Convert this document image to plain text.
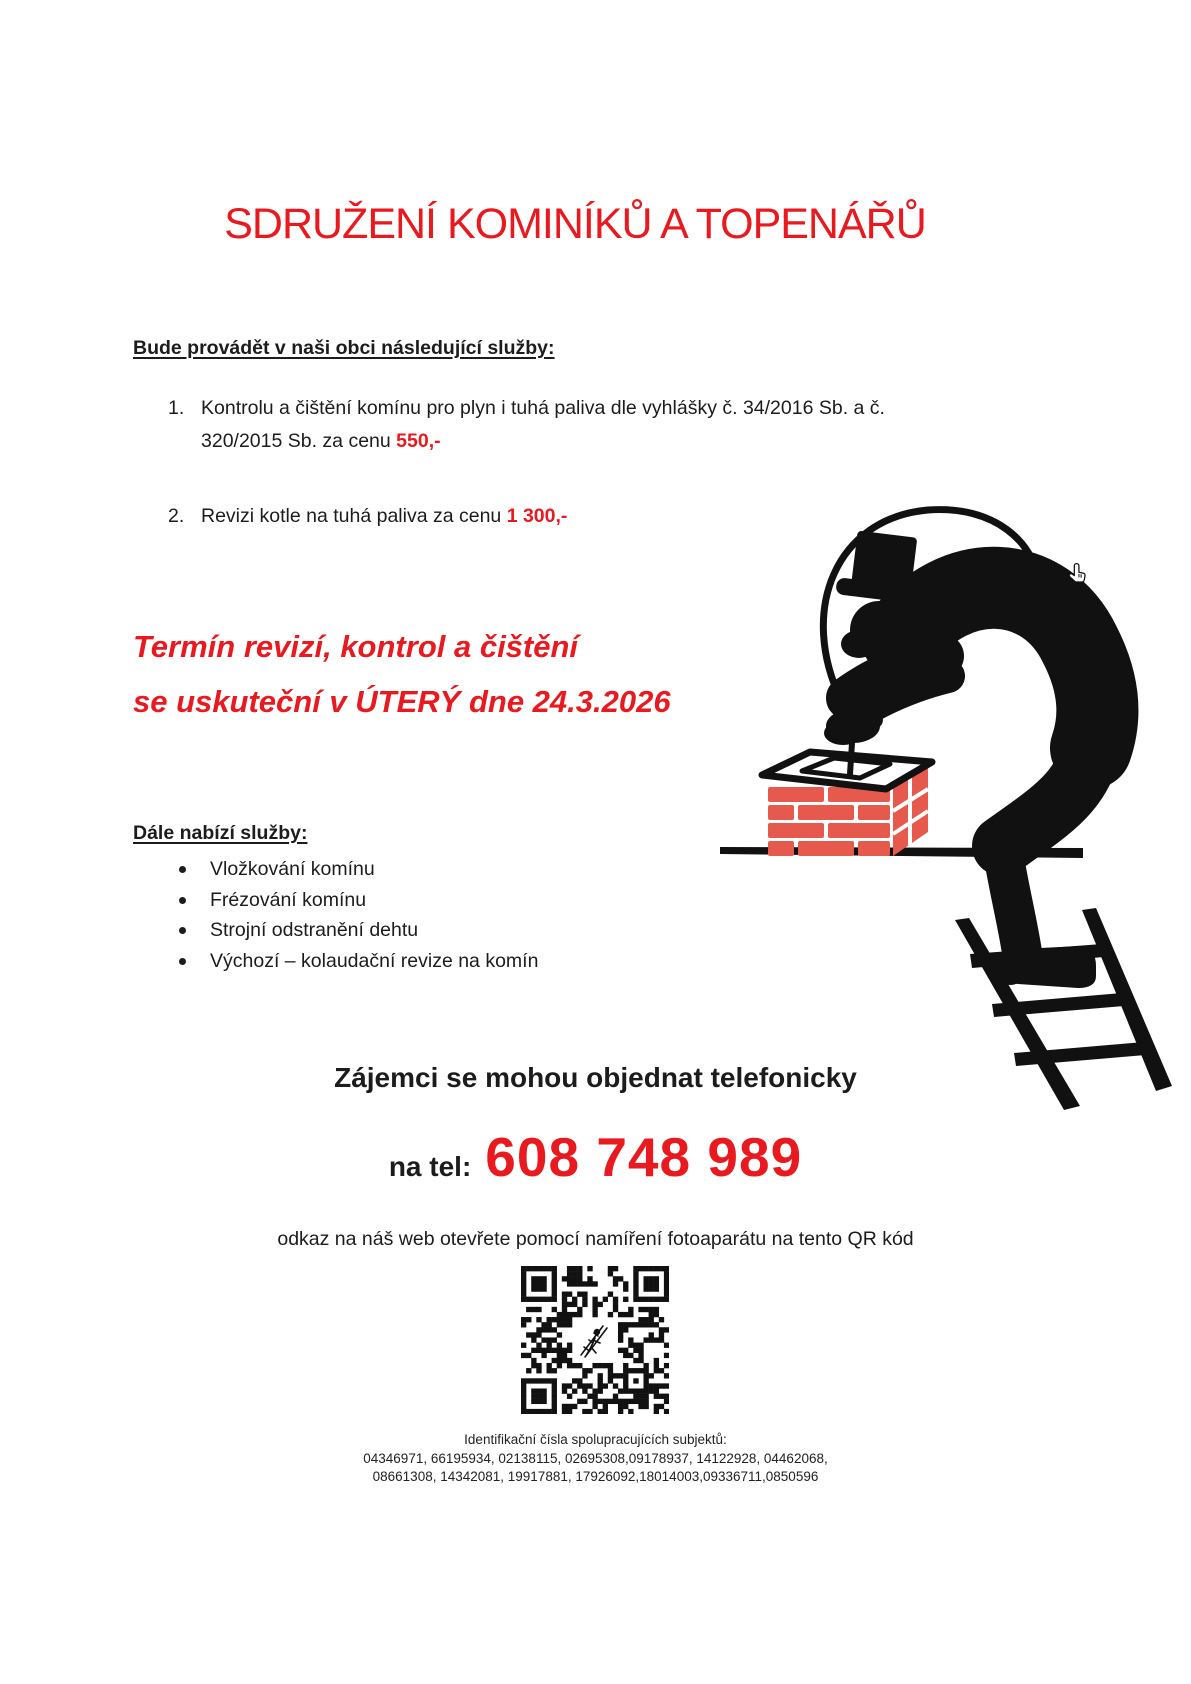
SDRUŽENÍ KOMINÍKŮ A TOPENÁŘŮ
Bude provádět v naši obci následující služby:
1. Kontrolu a čištění komínu pro plyn i tuhá paliva dle vyhlášky č. 34/2016 Sb. a č. 320/2015 Sb. za cenu 550,-
2. Revizi kotle na tuhá paliva za cenu 1 300,-
Termín revizí, kontrol a čištění
se uskuteční v ÚTERÝ dne 24.3.2026
Dále nabízí služby:
Vložkování komínu
Frézování komínu
Strojní odstranění dehtu
Výchozí – kolaudační revize na komín
Zájemci se mohou objednat telefonicky
na tel: 608 748 989
odkaz na náš web otevřete pomocí namíření fotoaparátu na tento QR kód
Identifikační čísla spolupracujících subjektů:
04346971, 66195934, 02138115, 02695308,09178937, 14122928, 04462068,
08661308, 14342081, 19917881, 17926092,18014003,09336711,0850596
